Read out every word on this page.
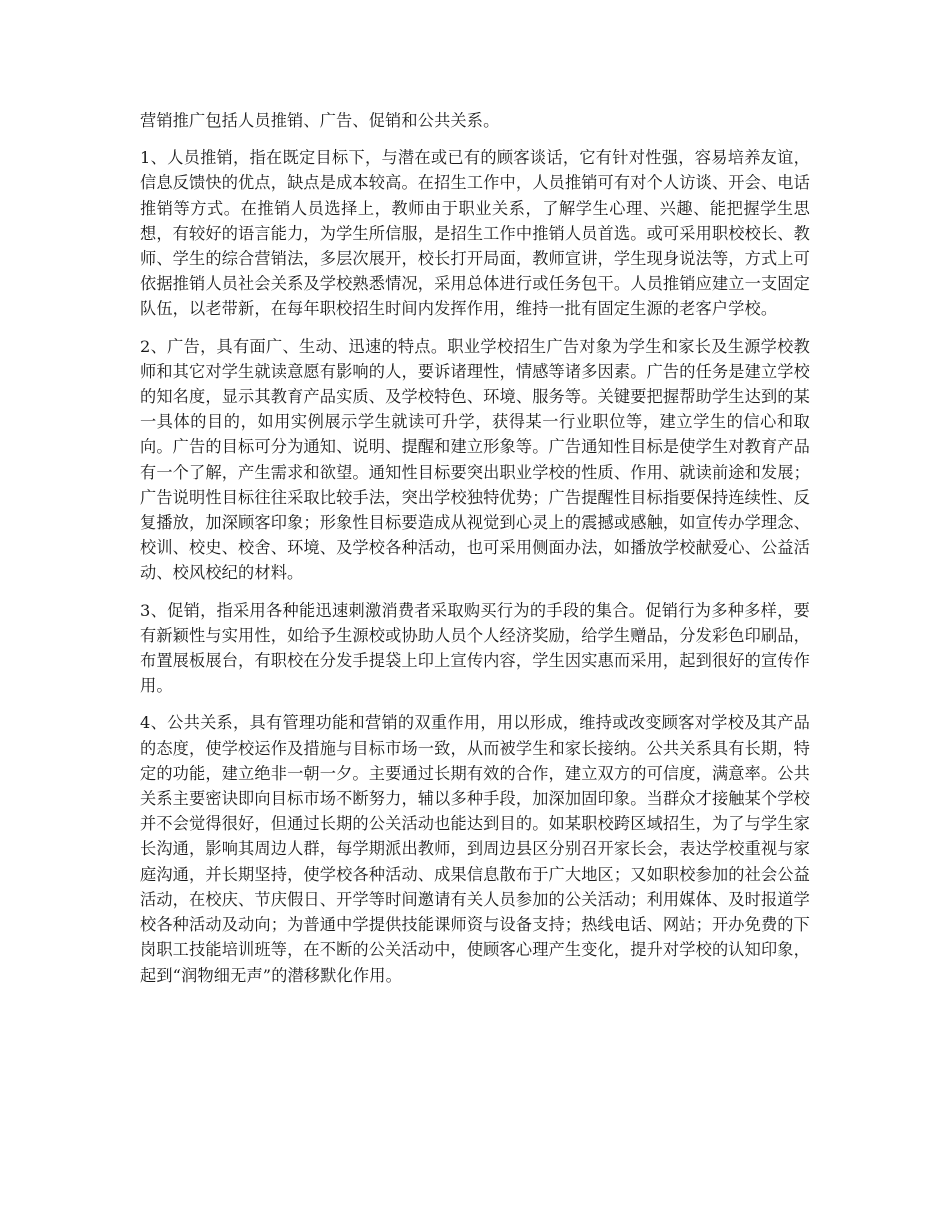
营销推广包括人员推销、广告、促销和公共关系。

1、人员推销，指在既定目标下，与潜在或已有的顾客谈话，它有针对性强，容易培养友谊，信息反馈快的优点，缺点是成本较高。在招生工作中，人员推销可有对个人访谈、开会、电话推销等方式。在推销人员选择上，教师由于职业关系，了解学生心理、兴趣、能把握学生思想，有较好的语言能力，为学生所信服，是招生工作中推销人员首选。或可采用职校校长、教师、学生的综合营销法，多层次展开，校长打开局面，教师宣讲，学生现身说法等，方式上可依据推销人员社会关系及学校熟悉情况，采用总体进行或任务包干。人员推销应建立一支固定队伍，以老带新，在每年职校招生时间内发挥作用，维持一批有固定生源的老客户学校。

2、广告，具有面广、生动、迅速的特点。职业学校招生广告对象为学生和家长及生源学校教师和其它对学生就读意愿有影响的人，要诉诸理性，情感等诸多因素。广告的任务是建立学校的知名度，显示其教育产品实质、及学校特色、环境、服务等。关键要把握帮助学生达到的某一具体的目的，如用实例展示学生就读可升学，获得某一行业职位等，建立学生的信心和取向。广告的目标可分为通知、说明、提醒和建立形象等。广告通知性目标是使学生对教育产品有一个了解，产生需求和欲望。通知性目标要突出职业学校的性质、作用、就读前途和发展；广告说明性目标往往采取比较手法，突出学校独特优势；广告提醒性目标指要保持连续性、反复播放，加深顾客印象；形象性目标要造成从视觉到心灵上的震撼或感触，如宣传办学理念、校训、校史、校舍、环境、及学校各种活动，也可采用侧面办法，如播放学校献爱心、公益活动、校风校纪的材料。

3、促销，指采用各种能迅速刺激消费者采取购买行为的手段的集合。促销行为多种多样，要有新颖性与实用性，如给予生源校或协助人员个人经济奖励，给学生赠品，分发彩色印刷品，布置展板展台，有职校在分发手提袋上印上宣传内容，学生因实惠而采用，起到很好的宣传作用。

4、公共关系，具有管理功能和营销的双重作用，用以形成，维持或改变顾客对学校及其产品的态度，使学校运作及措施与目标市场一致，从而被学生和家长接纳。公共关系具有长期，特定的功能，建立绝非一朝一夕。主要通过长期有效的合作，建立双方的可信度，满意率。公共关系主要密诀即向目标市场不断努力，辅以多种手段，加深加固印象。当群众才接触某个学校并不会觉得很好，但通过长期的公关活动也能达到目的。如某职校跨区域招生，为了与学生家长沟通，影响其周边人群，每学期派出教师，到周边县区分别召开家长会，表达学校重视与家庭沟通，并长期坚持，使学校各种活动、成果信息散布于广大地区；又如职校参加的社会公益活动，在校庆、节庆假日、开学等时间邀请有关人员参加的公关活动；利用媒体、及时报道学校各种活动及动向；为普通中学提供技能课师资与设备支持；热线电话、网站；开办免费的下岗职工技能培训班等，在不断的公关活动中，使顾客心理产生变化，提升对学校的认知印象，起到“润物细无声”的潜移默化作用。
